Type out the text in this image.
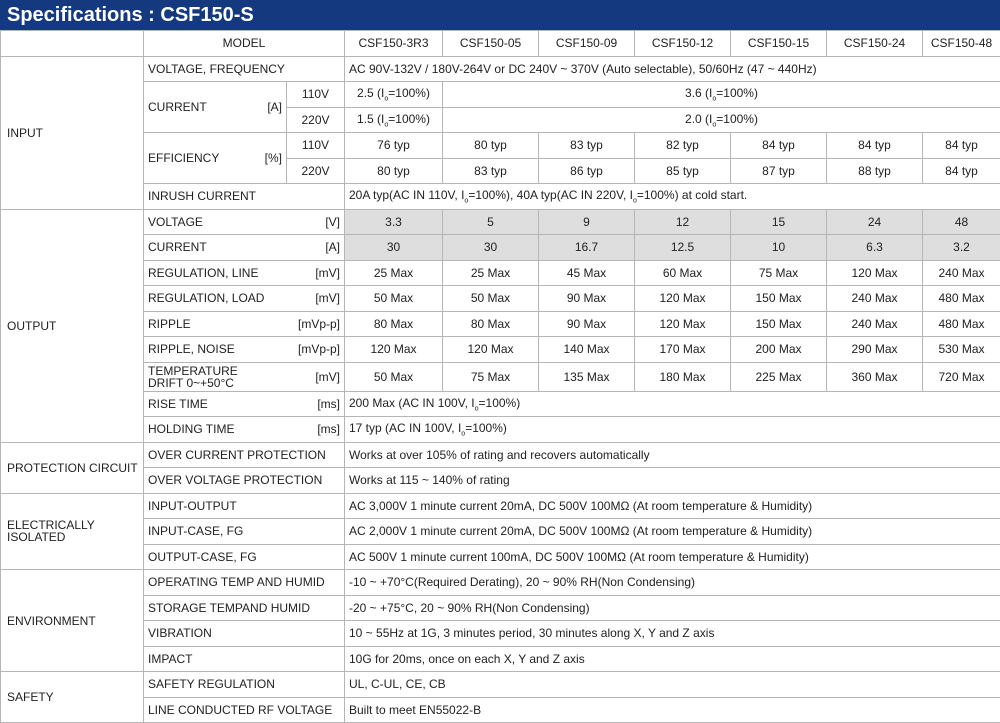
Specifications : CSF150-S
	MODEL		CSF150-3R3	CSF150-05	CSF150-09	CSF150-12	CSF150-15	CSF150-24	CSF150-48
INPUT	VOLTAGE, FREQUENCY		AC 90V-132V / 180V-264V or DC 240V ~ 370V (Auto selectable), 50/60Hz (47 ~ 440Hz)						

	CURRENT [A]	110V	2.5 $(I_o=100\%)$	3.6 $(I_o=100\%)$					
		220V	1.5 $(I_o=100\%)$	2.0 $(I_o=100\%)$					

	EFFICIENCY [%]	110V	76 typ	80 typ	83 typ	82 typ	84 typ	84 typ	84 typ
		220V	80 typ	83 typ	86 typ	85 typ	87 typ	88 typ	84 typ
	INRUSH CURRENT		20A typ(AC IN 110V, $I_o=100\%$), 40A typ(AC IN 220V, $I_o=100\%$) at cold start.						
OUTPUT	VOLTAGE [V]		3.3	5	9	12	15	24	48

	CURRENT [A]		30	30	16.7	12.5	10	6.3	3.2

	REGULATION, LINE [mV]		25 Max	25 Max	45 Max	60 Max	75 Max	120 Max	240 Max

	REGULATION, LOAD [mV]		50 Max	50 Max	90 Max	120 Max	150 Max	240 Max	480 Max

	RIPPLE [mVp-p]		80 Max	80 Max	90 Max	120 Max	150 Max	240 Max	480 Max

	RIPPLE, NOISE [mVp-p]		120 Max	120 Max	140 Max	170 Max	200 Max	290 Max	530 Max

	TEMPERATURE
DRIFT 0~+50°C [mV]		50 Max	75 Max	135 Max	180 Max	225 Max	360 Max	720 Max

	RISE TIME [ms]		200 Max (AC IN 100V, $I_o=100\%$)						

	HOLDING TIME [ms]		17 typ (AC IN 100V, $I_o=100\%$)						
PROTECTION CIRCUIT	OVER CURRENT PROTECTION		Works at over 105% of rating and recovers automatically						
	OVER VOLTAGE PROTECTION		Works at 115 ~ 140% of rating						
ELECTRICALLY ISOLATED	INPUT-OUTPUT		AC 3,000V 1 minute current 20mA, DC 500V 100MΩ (At room temperature & Humidity)						
	INPUT-CASE, FG		AC 2,000V 1 minute current 20mA, DC 500V 100MΩ (At room temperature & Humidity)						
	OUTPUT-CASE, FG		AC 500V 1 minute current 100mA, DC 500V 100MΩ (At room temperature & Humidity)						
ENVIRONMENT	OPERATING TEMP AND HUMID		-10 ~ +70°C(Required Derating), 20 ~ 90% RH(Non Condensing)						
	STORAGE TEMPAND HUMID		-20 ~ +75°C, 20 ~ 90% RH(Non Condensing)						
	VIBRATION		10 ~ 55Hz at 1G, 3 minutes period, 30 minutes along X, Y and Z axis						
	IMPACT		10G for 20ms, once on each X, Y and Z axis						
SAFETY	SAFETY REGULATION		UL, C-UL, CE, CB						
	LINE CONDUCTED RF VOLTAGE		Built to meet EN55022-B						
